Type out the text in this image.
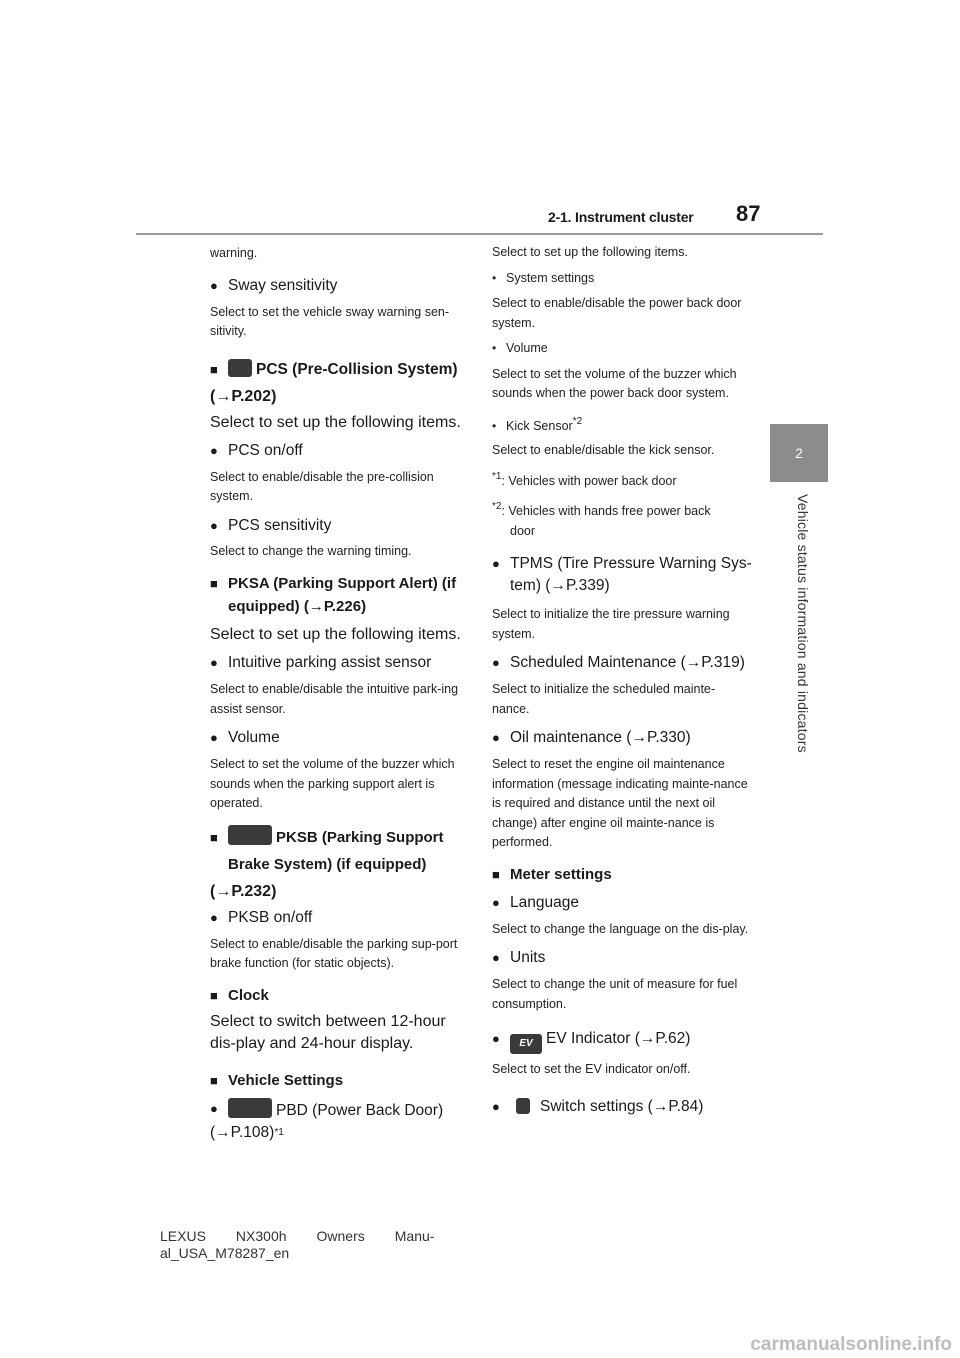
2-1. Instrument cluster 87
2
Vehicle status information and indicators
warning.
● Sway sensitivity
Select to set the vehicle sway warning sen-sitivity.
■ PCS (Pre-Collision System)
(→P.202)
Select to set up the following items.
● PCS on/off
Select to enable/disable the pre-collision system.
● PCS sensitivity
Select to change the warning timing.
■ PKSA (Parking Support Alert) (if
equipped) (→P.226)
Select to set up the following items.
● Intuitive parking assist sensor
Select to enable/disable the intuitive park-ing assist sensor.
● Volume
Select to set the volume of the buzzer which sounds when the parking support alert is operated.
■	PKSB (Parking Support
Brake System) (if equipped)
(→P.232)
● PKSB on/off
Select to enable/disable the parking sup-port brake function (for static objects).
■ Clock
Select to switch between 12-hour dis-play and 24-hour display.
■ Vehicle Settings
●	PBD (Power Back Door)
(→P.108) *1
Select to set up the following items.
• System settings
Select to enable/disable the power back door system.
• Volume
Select to set the volume of the buzzer which sounds when the power back door system.
• Kick Sensor$^{*2}$
Select to enable/disable the kick sensor.
$^{*1}$: Vehicles with power back door
$^{*2}$: Vehicles with hands free power back
door
● TPMS (Tire Pressure Warning Sys-
tem) (→P.339)
Select to initialize the tire pressure warning system.
● Scheduled Maintenance (→P.319)
Select to initialize the scheduled mainte-nance.
● Oil maintenance (→P.330)
Select to reset the engine oil maintenance information (message indicating mainte-nance is required and distance until the next oil change) after engine oil mainte-nance is performed.
■ Meter settings
● Language
Select to change the language on the dis-play.
● Units
Select to change the unit of measure for fuel consumption.
●	EV EV Indicator (→P.62)
Select to set the EV indicator on/off.
●	Switch settings (→P.84)
LEXUS NX300h Owners Manu-
al_USA_M78287_en
carmanualsonline.info
